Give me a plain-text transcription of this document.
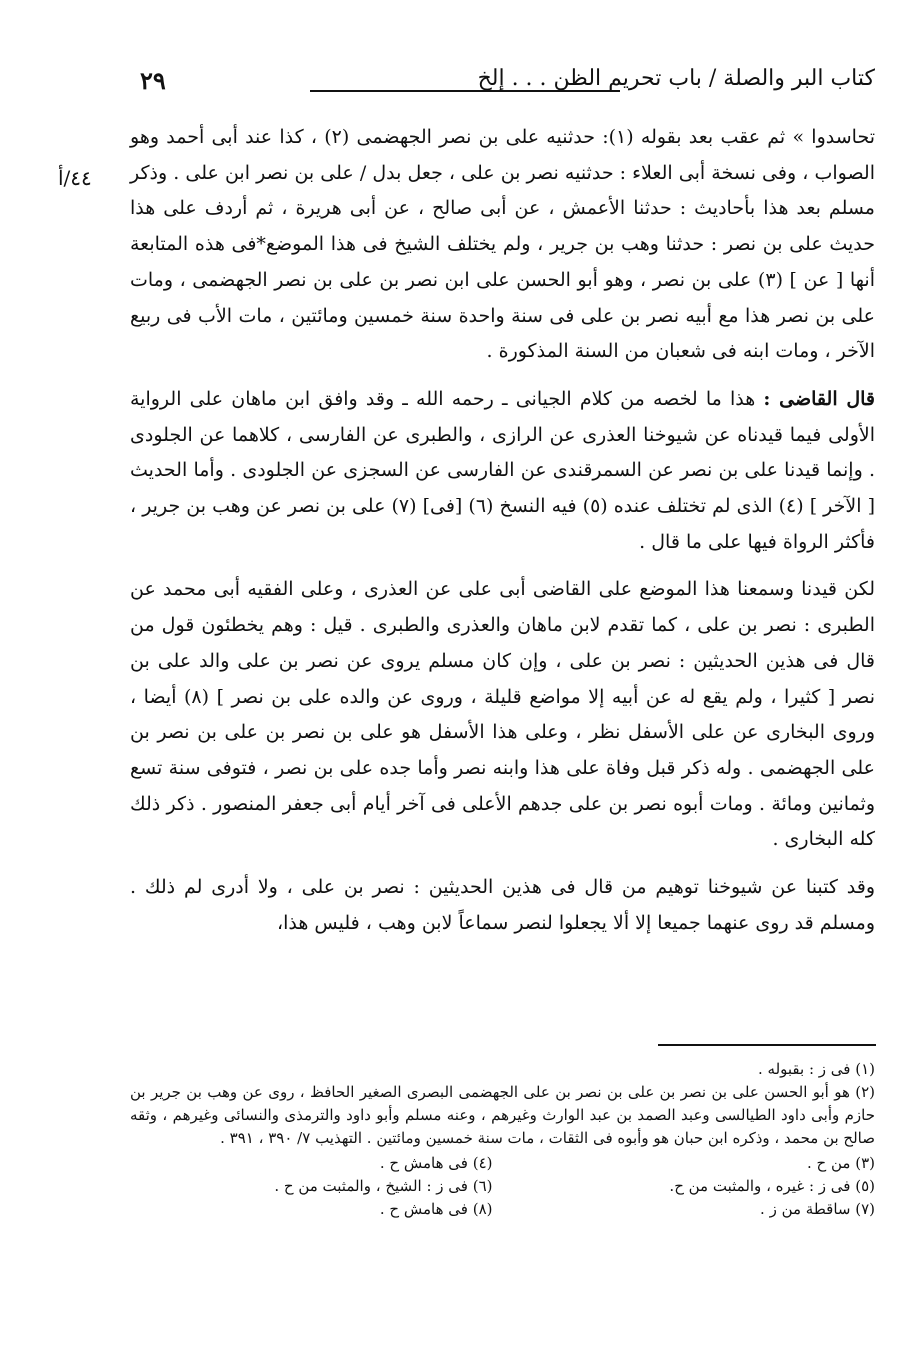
كتاب البر والصلة / باب تحريم الظن . . . إلخ
٢٩
٤٤/أ

تحاسدوا » ثم عقب بعد بقوله (١): حدثنيه على بن نصر الجهضمى (٢) ، كذا عند أبى أحمد وهو الصواب ، وفى نسخة أبى العلاء : حدثنيه نصر بن على ، جعل بدل / على بن نصر ابن على . وذكر مسلم بعد هذا بأحاديث : حدثنا الأعمش ، عن أبى صالح ، عن أبى هريرة ، ثم أردف على هذا حديث على بن نصر : حدثنا وهب بن جرير ، ولم يختلف الشيخ فى هذا الموضع*فى هذه المتابعة أنها [ عن ] (٣) على بن نصر ، وهو أبو الحسن على ابن نصر بن على بن نصر الجهضمى ، ومات على بن نصر هذا مع أبيه نصر بن على فى سنة واحدة سنة خمسين ومائتين ، مات الأب فى ربيع الآخر ، ومات ابنه فى شعبان من السنة المذكورة .

قال القاضى : هذا ما لخصه من كلام الجيانى ـ رحمه الله ـ وقد وافق ابن ماهان على الرواية الأولى فيما قيدناه عن شيوخنا العذرى عن الرازى ، والطبرى عن الفارسى ، كلاهما عن الجلودى . وإنما قيدنا على بن نصر عن السمرقندى عن الفارسى عن السجزى عن الجلودى . وأما الحديث [ الآخر ] (٤) الذى لم تختلف عنده (٥) فيه النسخ (٦) [فى] (٧) على بن نصر عن وهب بن جرير ، فأكثر الرواة فيها على ما قال .

لكن قيدنا وسمعنا هذا الموضع على القاضى أبى على عن العذرى ، وعلى الفقيه أبى محمد عن الطبرى : نصر بن على ، كما تقدم لابن ماهان والعذرى والطبرى . قيل : وهم يخطئون قول من قال فى هذين الحديثين : نصر بن على ، وإن كان مسلم يروى عن نصر بن على والد على بن نصر [ كثيرا ، ولم يقع له عن أبيه إلا مواضع قليلة ، وروى عن والده على بن نصر ] (٨) أيضا ، وروى البخارى عن على الأسفل نظر ، وعلى هذا الأسفل هو على بن نصر بن على بن نصر بن على الجهضمى . وله ذكر قبل وفاة على هذا وابنه نصر وأما جده على بن نصر ، فتوفى سنة تسع وثمانين ومائة . ومات أبوه نصر بن على جدهم الأعلى فى آخر أيام أبى جعفر المنصور . ذكر ذلك كله البخارى .

وقد كتبنا عن شيوخنا توهيم من قال فى هذين الحديثين : نصر بن على ، ولا أدرى لم ذلك . ومسلم قد روى عنهما جميعا إلا ألا يجعلوا لنصر سماعاً لابن وهب ، فليس هذا،

(١) فى ز : بقبوله .

(٢) هو أبو الحسن على بن نصر بن على بن نصر بن على الجهضمى البصرى الصغير الحافظ ، روى عن وهب بن جرير بن حازم وأبى داود الطيالسى وعبد الصمد بن عبد الوارث وغيرهم ، وعنه مسلم وأبو داود والترمذى والنسائى وغيرهم ، وثقه صالح بن محمد ، وذكره ابن حبان هو وأبوه فى الثقات ، مات سنة خمسين ومائتين . التهذيب ٧/ ٣٩٠ ، ٣٩١ .

(٣) من ح .

(٤) فى هامش ح .

(٥) فى ز : غيره ، والمثبت من ح.

(٦) فى ز : الشيخ ، والمثبت من ح .

(٧) ساقطة من ز .

(٨) فى هامش ح .
